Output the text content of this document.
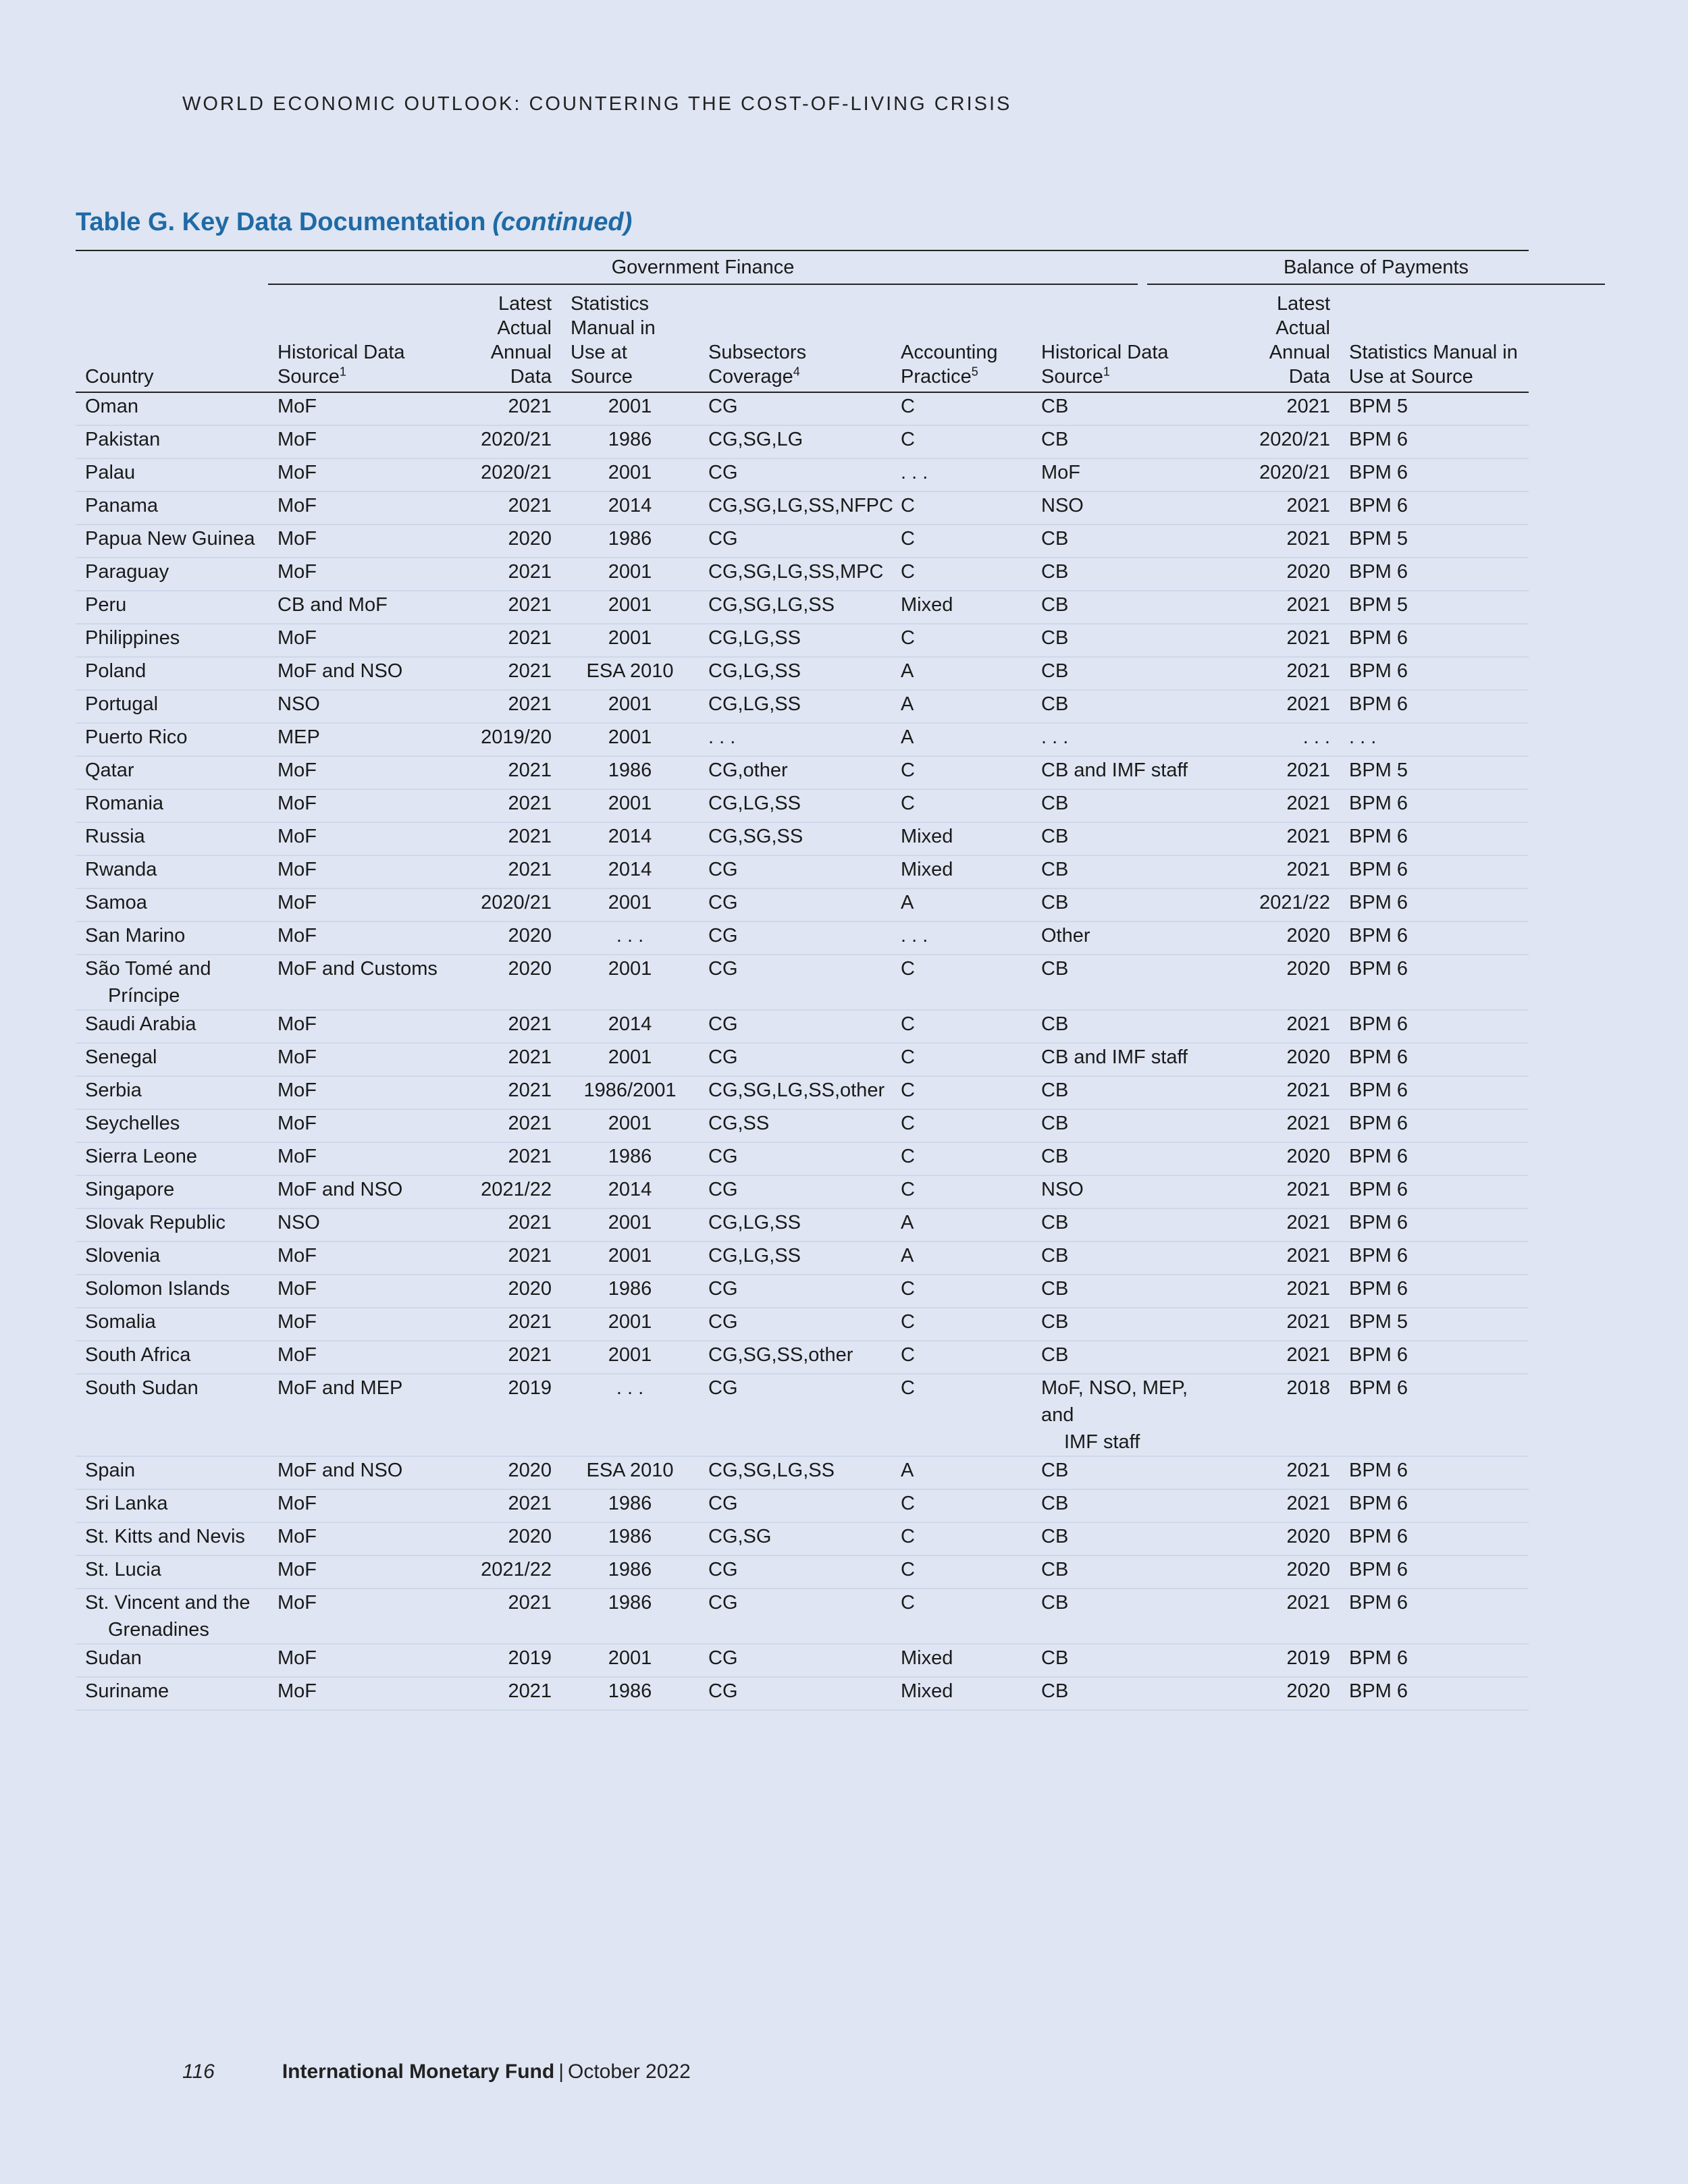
WORLD ECONOMIC OUTLOOK: COUNTERING THE COST-OF-LIVING CRISIS
Table G. Key Data Documentation (continued)
Government Finance	Balance of Payments
Country	Historical Data Source$^1$	Latest Actual Annual Data	Statistics Manual in Use at Source	Subsectors Coverage$^4$	Accounting Practice$^5$	Historical Data Source$^1$	Latest Actual Annual Data	Statistics Manual in Use at Source

Oman	MoF	2021	2001	CG	C	CB	2021	BPM 5

Pakistan	MoF	2020/21	1986	CG,SG,LG	C	CB	2020/21	BPM 6

Palau	MoF	2020/21	2001	CG	. . .	MoF	2020/21	BPM 6

Panama	MoF	2021	2014	CG,SG,LG,SS,NFPC	C	NSO	2021	BPM 6

Papua New Guinea	MoF	2020	1986	CG	C	CB	2021	BPM 5

Paraguay	MoF	2021	2001	CG,SG,LG,SS,MPC	C	CB	2020	BPM 6

Peru	CB and MoF	2021	2001	CG,SG,LG,SS	Mixed	CB	2021	BPM 5

Philippines	MoF	2021	2001	CG,LG,SS	C	CB	2021	BPM 6

Poland	MoF and NSO	2021	ESA 2010	CG,LG,SS	A	CB	2021	BPM 6

Portugal	NSO	2021	2001	CG,LG,SS	A	CB	2021	BPM 6

Puerto Rico	MEP	2019/20	2001	. . .	A	. . .	. . .	. . .

Qatar	MoF	2021	1986	CG,other	C	CB and IMF staff	2021	BPM 5

Romania	MoF	2021	2001	CG,LG,SS	C	CB	2021	BPM 6

Russia	MoF	2021	2014	CG,SG,SS	Mixed	CB	2021	BPM 6

Rwanda	MoF	2021	2014	CG	Mixed	CB	2021	BPM 6

Samoa	MoF	2020/21	2001	CG	A	CB	2021/22	BPM 6

San Marino	MoF	2020	. . .	CG	. . .	Other	2020	BPM 6

São Tomé and
Príncipe	MoF and Customs	2020	2001	CG	C	CB	2020	BPM 6

Saudi Arabia	MoF	2021	2014	CG	C	CB	2021	BPM 6

Senegal	MoF	2021	2001	CG	C	CB and IMF staff	2020	BPM 6

Serbia	MoF	2021	1986/2001	CG,SG,LG,SS,other	C	CB	2021	BPM 6

Seychelles	MoF	2021	2001	CG,SS	C	CB	2021	BPM 6

Sierra Leone	MoF	2021	1986	CG	C	CB	2020	BPM 6

Singapore	MoF and NSO	2021/22	2014	CG	C	NSO	2021	BPM 6

Slovak Republic	NSO	2021	2001	CG,LG,SS	A	CB	2021	BPM 6

Slovenia	MoF	2021	2001	CG,LG,SS	A	CB	2021	BPM 6

Solomon Islands	MoF	2020	1986	CG	C	CB	2021	BPM 6

Somalia	MoF	2021	2001	CG	C	CB	2021	BPM 5

South Africa	MoF	2021	2001	CG,SG,SS,other	C	CB	2021	BPM 6

South Sudan	MoF and MEP	2019	. . .	CG	C	MoF, NSO, MEP, and
IMF staff	2018	BPM 6

Spain	MoF and NSO	2020	ESA 2010	CG,SG,LG,SS	A	CB	2021	BPM 6

Sri Lanka	MoF	2021	1986	CG	C	CB	2021	BPM 6

St. Kitts and Nevis	MoF	2020	1986	CG,SG	C	CB	2020	BPM 6

St. Lucia	MoF	2021/22	1986	CG	C	CB	2020	BPM 6

St. Vincent and the
Grenadines	MoF	2021	1986	CG	C	CB	2021	BPM 6

Sudan	MoF	2019	2001	CG	Mixed	CB	2019	BPM 6

Suriname	MoF	2021	1986	CG	Mixed	CB	2020	BPM 6
116	International Monetary Fund | October 2022
